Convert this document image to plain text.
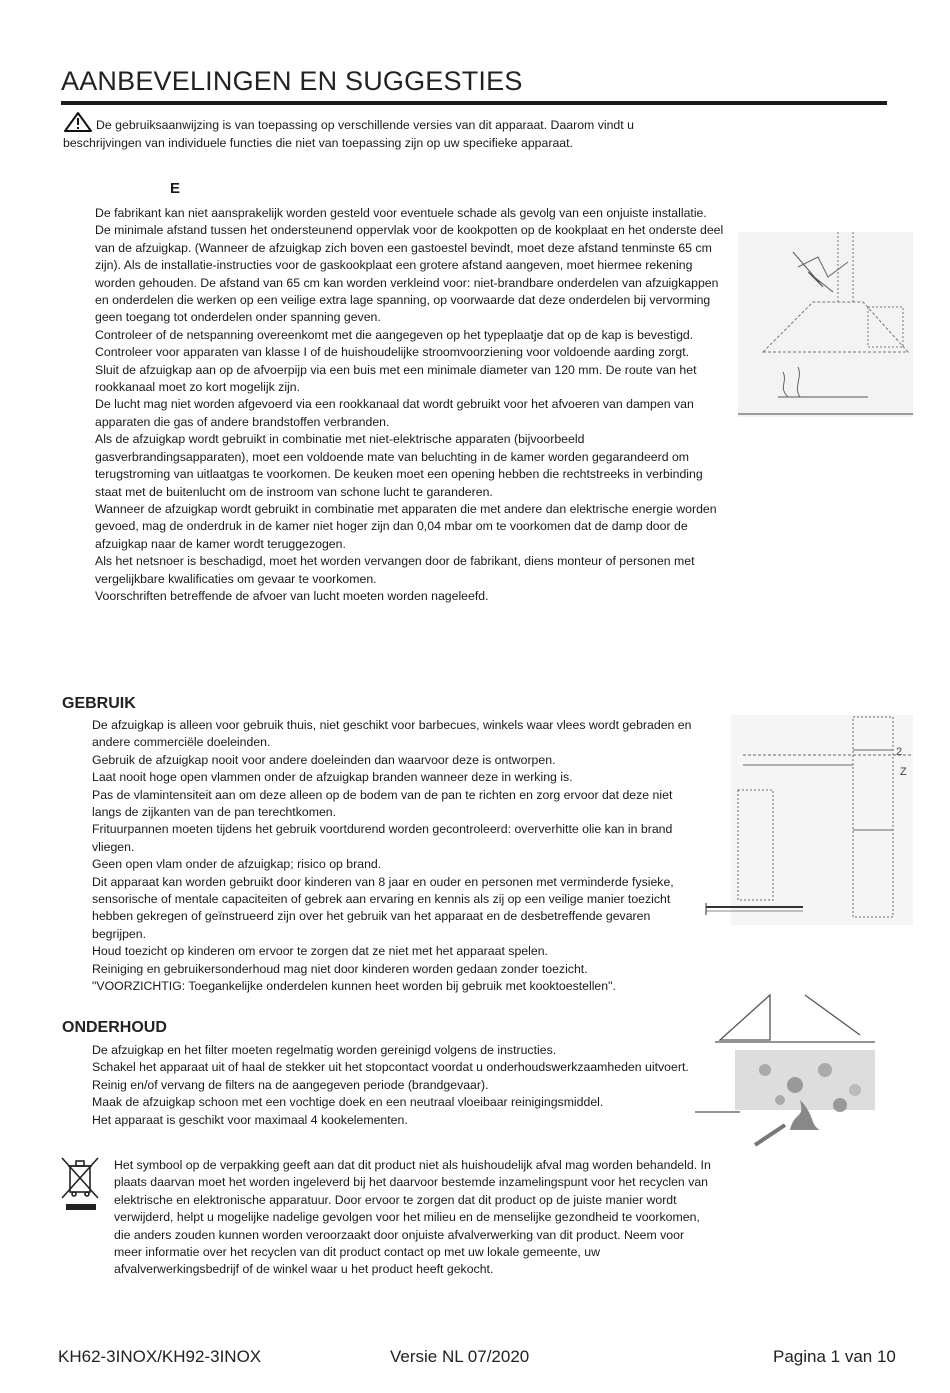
AANBEVELINGEN EN SUGGESTIES
De gebruiksaanwijzing is van toepassing op verschillende versies van dit apparaat. Daarom vindt u beschrijvingen van individuele functies die niet van toepassing zijn op uw specifieke apparaat.
E

De fabrikant kan niet aansprakelijk worden gesteld voor eventuele schade als gevolg van een onjuiste installatie.

De minimale afstand tussen het ondersteunend oppervlak voor de kookpotten op de kookplaat en het onderste deel van de afzuigkap. (Wanneer de afzuigkap zich boven een gastoestel bevindt, moet deze afstand tenminste 65 cm zijn). Als de installatie-instructies voor de gaskookplaat een grotere afstand aangeven, moet hiermee rekening worden gehouden. De afstand van 65 cm kan worden verkleind voor: niet-brandbare onderdelen van afzuigkappen en onderdelen die werken op een veilige extra lage spanning, op voorwaarde dat deze onderdelen bij vervorming geen toegang tot onderdelen onder spanning geven.

Controleer of de netspanning overeenkomt met die aangegeven op het typeplaatje dat op de kap is bevestigd.

Controleer voor apparaten van klasse I of de huishoudelijke stroomvoorziening voor voldoende aarding zorgt.

Sluit de afzuigkap aan op de afvoerpijp via een buis met een minimale diameter van 120 mm. De route van het rookkanaal moet zo kort mogelijk zijn.

De lucht mag niet worden afgevoerd via een rookkanaal dat wordt gebruikt voor het afvoeren van dampen van apparaten die gas of andere brandstoffen verbranden.

Als de afzuigkap wordt gebruikt in combinatie met niet-elektrische apparaten (bijvoorbeeld gasverbrandingsapparaten), moet een voldoende mate van beluchting in de kamer worden gegarandeerd om terugstroming van uitlaatgas te voorkomen. De keuken moet een opening hebben die rechtstreeks in verbinding staat met de buitenlucht om de instroom van schone lucht te garanderen.

Wanneer de afzuigkap wordt gebruikt in combinatie met apparaten die met andere dan elektrische energie worden gevoed, mag de onderdruk in de kamer niet hoger zijn dan 0,04 mbar om te voorkomen dat de damp door de afzuigkap naar de kamer wordt teruggezogen.

Als het netsnoer is beschadigd, moet het worden vervangen door de fabrikant, diens monteur of personen met vergelijkbare kwalificaties om gevaar te voorkomen.

Voorschriften betreffende de afvoer van lucht moeten worden nageleefd.

GEBRUIK

De afzuigkap is alleen voor gebruik thuis, niet geschikt voor barbecues, winkels waar vlees wordt gebraden en andere commerciële doeleinden.

Gebruik de afzuigkap nooit voor andere doeleinden dan waarvoor deze is ontworpen.

Laat nooit hoge open vlammen onder de afzuigkap branden wanneer deze in werking is.

Pas de vlamintensiteit aan om deze alleen op de bodem van de pan te richten en zorg ervoor dat deze niet langs de zijkanten van de pan terechtkomen.

Frituurpannen moeten tijdens het gebruik voortdurend worden gecontroleerd: oververhitte olie kan in brand vliegen.

Geen open vlam onder de afzuigkap; risico op brand.

Dit apparaat kan worden gebruikt door kinderen van 8 jaar en ouder en personen met verminderde fysieke, sensorische of mentale capaciteiten of gebrek aan ervaring en kennis als zij op een veilige manier toezicht hebben gekregen of geïnstrueerd zijn over het gebruik van het apparaat en de desbetreffende gevaren begrijpen.

Houd toezicht op kinderen om ervoor te zorgen dat ze niet met het apparaat spelen.

Reiniging en gebruikersonderhoud mag niet door kinderen worden gedaan zonder toezicht.

"VOORZICHTIG: Toegankelijke onderdelen kunnen heet worden bij gebruik met kooktoestellen".

2
Z
ONDERHOUD

De afzuigkap en het filter moeten regelmatig worden gereinigd volgens de instructies.

Schakel het apparaat uit of haal de stekker uit het stopcontact voordat u onderhoudswerkzaamheden uitvoert.

Reinig en/of vervang de filters na de aangegeven periode (brandgevaar).

Maak de afzuigkap schoon met een vochtige doek en een neutraal vloeibaar reinigingsmiddel.

Het apparaat is geschikt voor maximaal 4 kookelementen.

Het symbool op de verpakking geeft aan dat dit product niet als huishoudelijk afval mag worden behandeld. In plaats daarvan moet het worden ingeleverd bij het daarvoor bestemde inzamelingspunt voor het recyclen van elektrische en elektronische apparatuur. Door ervoor te zorgen dat dit product op de juiste manier wordt verwijderd, helpt u mogelijke nadelige gevolgen voor het milieu en de menselijke gezondheid te voorkomen, die anders zouden kunnen worden veroorzaakt door onjuiste afvalverwerking van dit product. Neem voor meer informatie over het recyclen van dit product contact op met uw lokale gemeente, uw afvalverwerkingsbedrijf of de winkel waar u het product heeft gekocht.
KH62-3INOX/KH92-3INOX	Versie NL 07/2020	Pagina 1 van 10
